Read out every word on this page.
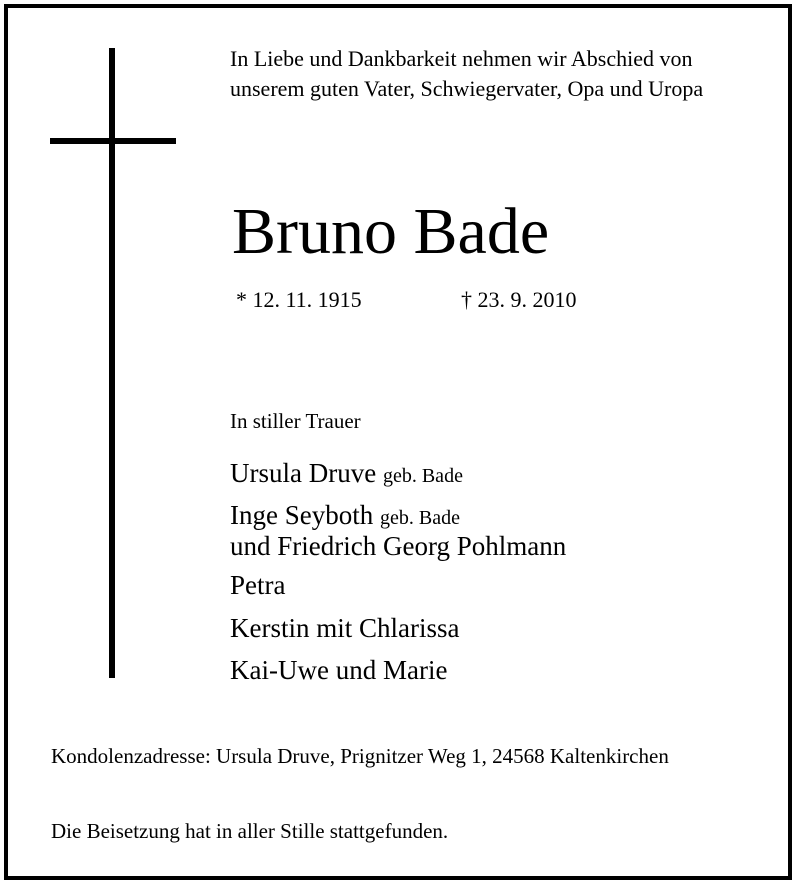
In Liebe und Dankbarkeit nehmen wir Abschied von
unserem guten Vater, Schwiegervater, Opa und Uropa

Bruno Bade
* 12. 11. 1915	† 23. 9. 2010
In stiller Trauer
Ursula Druve geb. Bade
Inge Seyboth geb. Bade
und Friedrich Georg Pohlmann
Petra
Kerstin mit Chlarissa
Kai-Uwe und Marie
Kondolenzadresse: Ursula Druve, Prignitzer Weg 1, 24568 Kaltenkirchen
Die Beisetzung hat in aller Stille stattgefunden.
